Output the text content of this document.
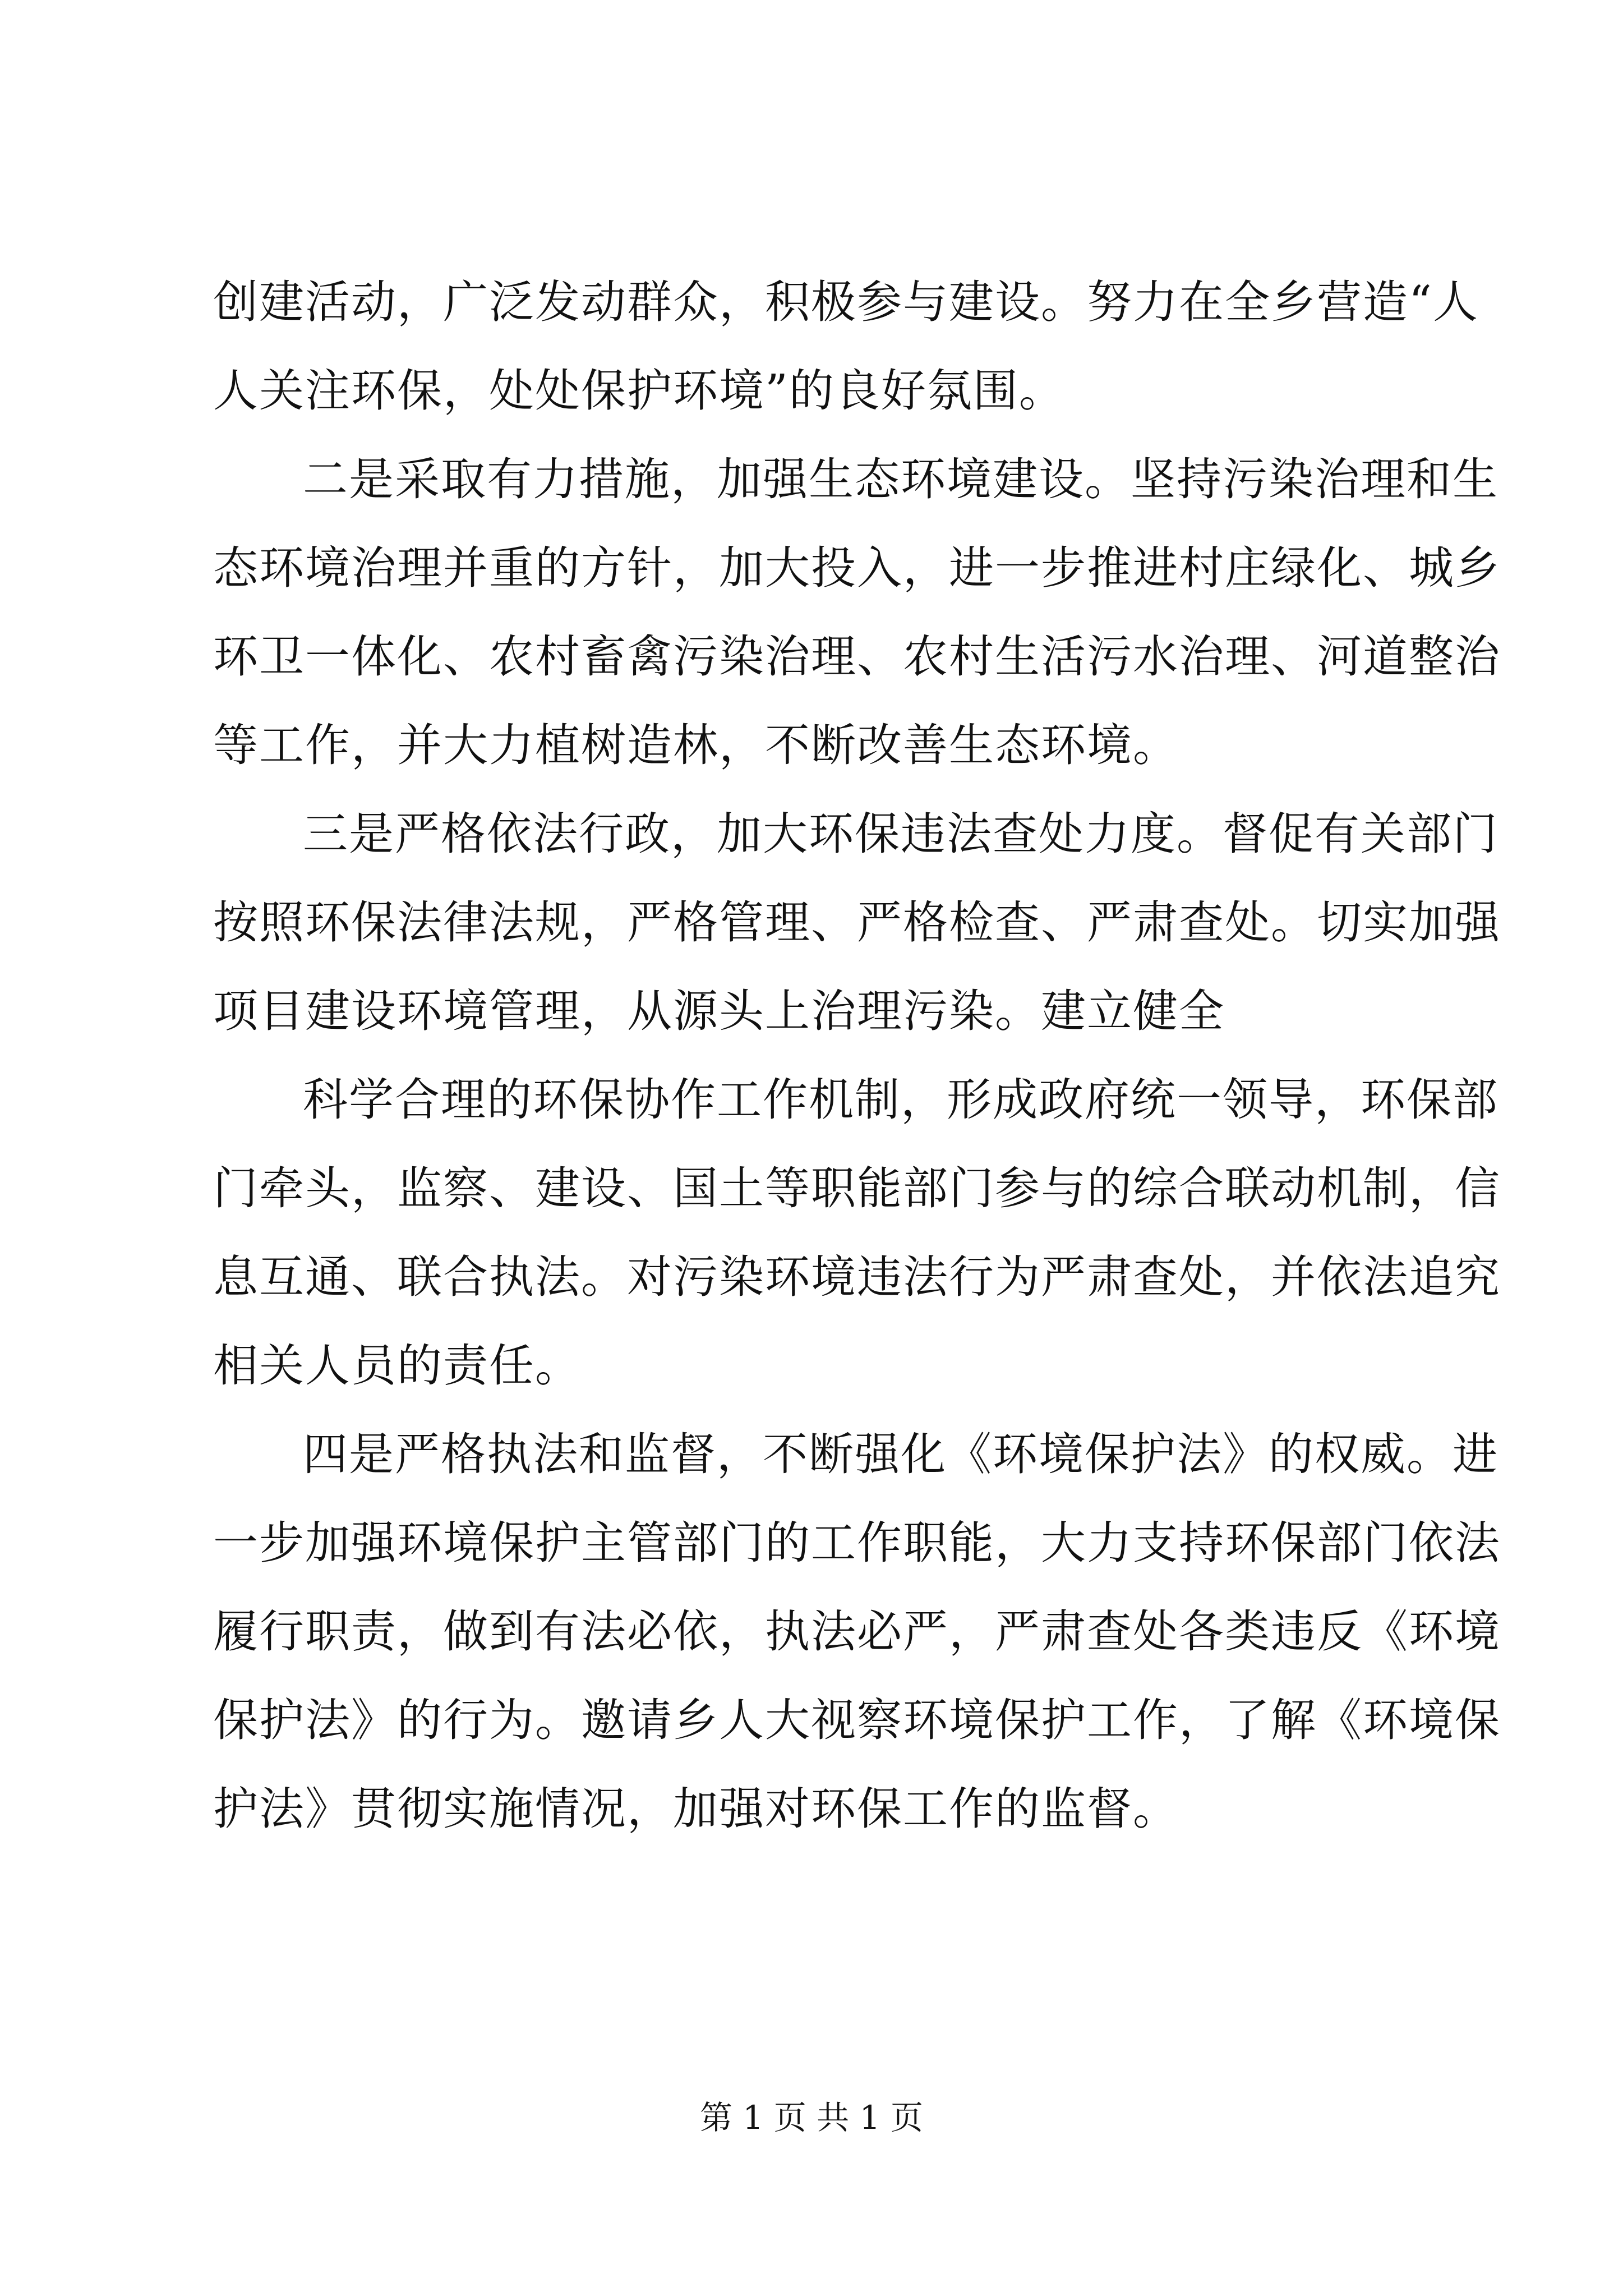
创建活动，广泛发动群众，积极参与建设。努力在全乡营造“人
人关注环保，处处保护环境”的良好氛围。
二是采取有力措施，加强生态环境建设。坚持污染治理和生
态环境治理并重的方针，加大投入，进一步推进村庄绿化、城乡
环卫一体化、农村畜禽污染治理、农村生活污水治理、河道整治
等工作，并大力植树造林，不断改善生态环境。
三是严格依法行政，加大环保违法查处力度。督促有关部门
按照环保法律法规，严格管理、严格检查、严肃查处。切实加强
项目建设环境管理，从源头上治理污染。建立健全
科学合理的环保协作工作机制，形成政府统一领导，环保部
门牵头，监察、建设、国土等职能部门参与的综合联动机制，信
息互通、联合执法。对污染环境违法行为严肃查处，并依法追究
相关人员的责任。
四是严格执法和监督，不断强化《环境保护法》的权威。进
一步加强环境保护主管部门的工作职能，大力支持环保部门依法
履行职责，做到有法必依，执法必严，严肃查处各类违反《环境
保护法》的行为。邀请乡人大视察环境保护工作，了解《环境保
护法》贯彻实施情况，加强对环保工作的监督。
第 1 页 共 1 页
